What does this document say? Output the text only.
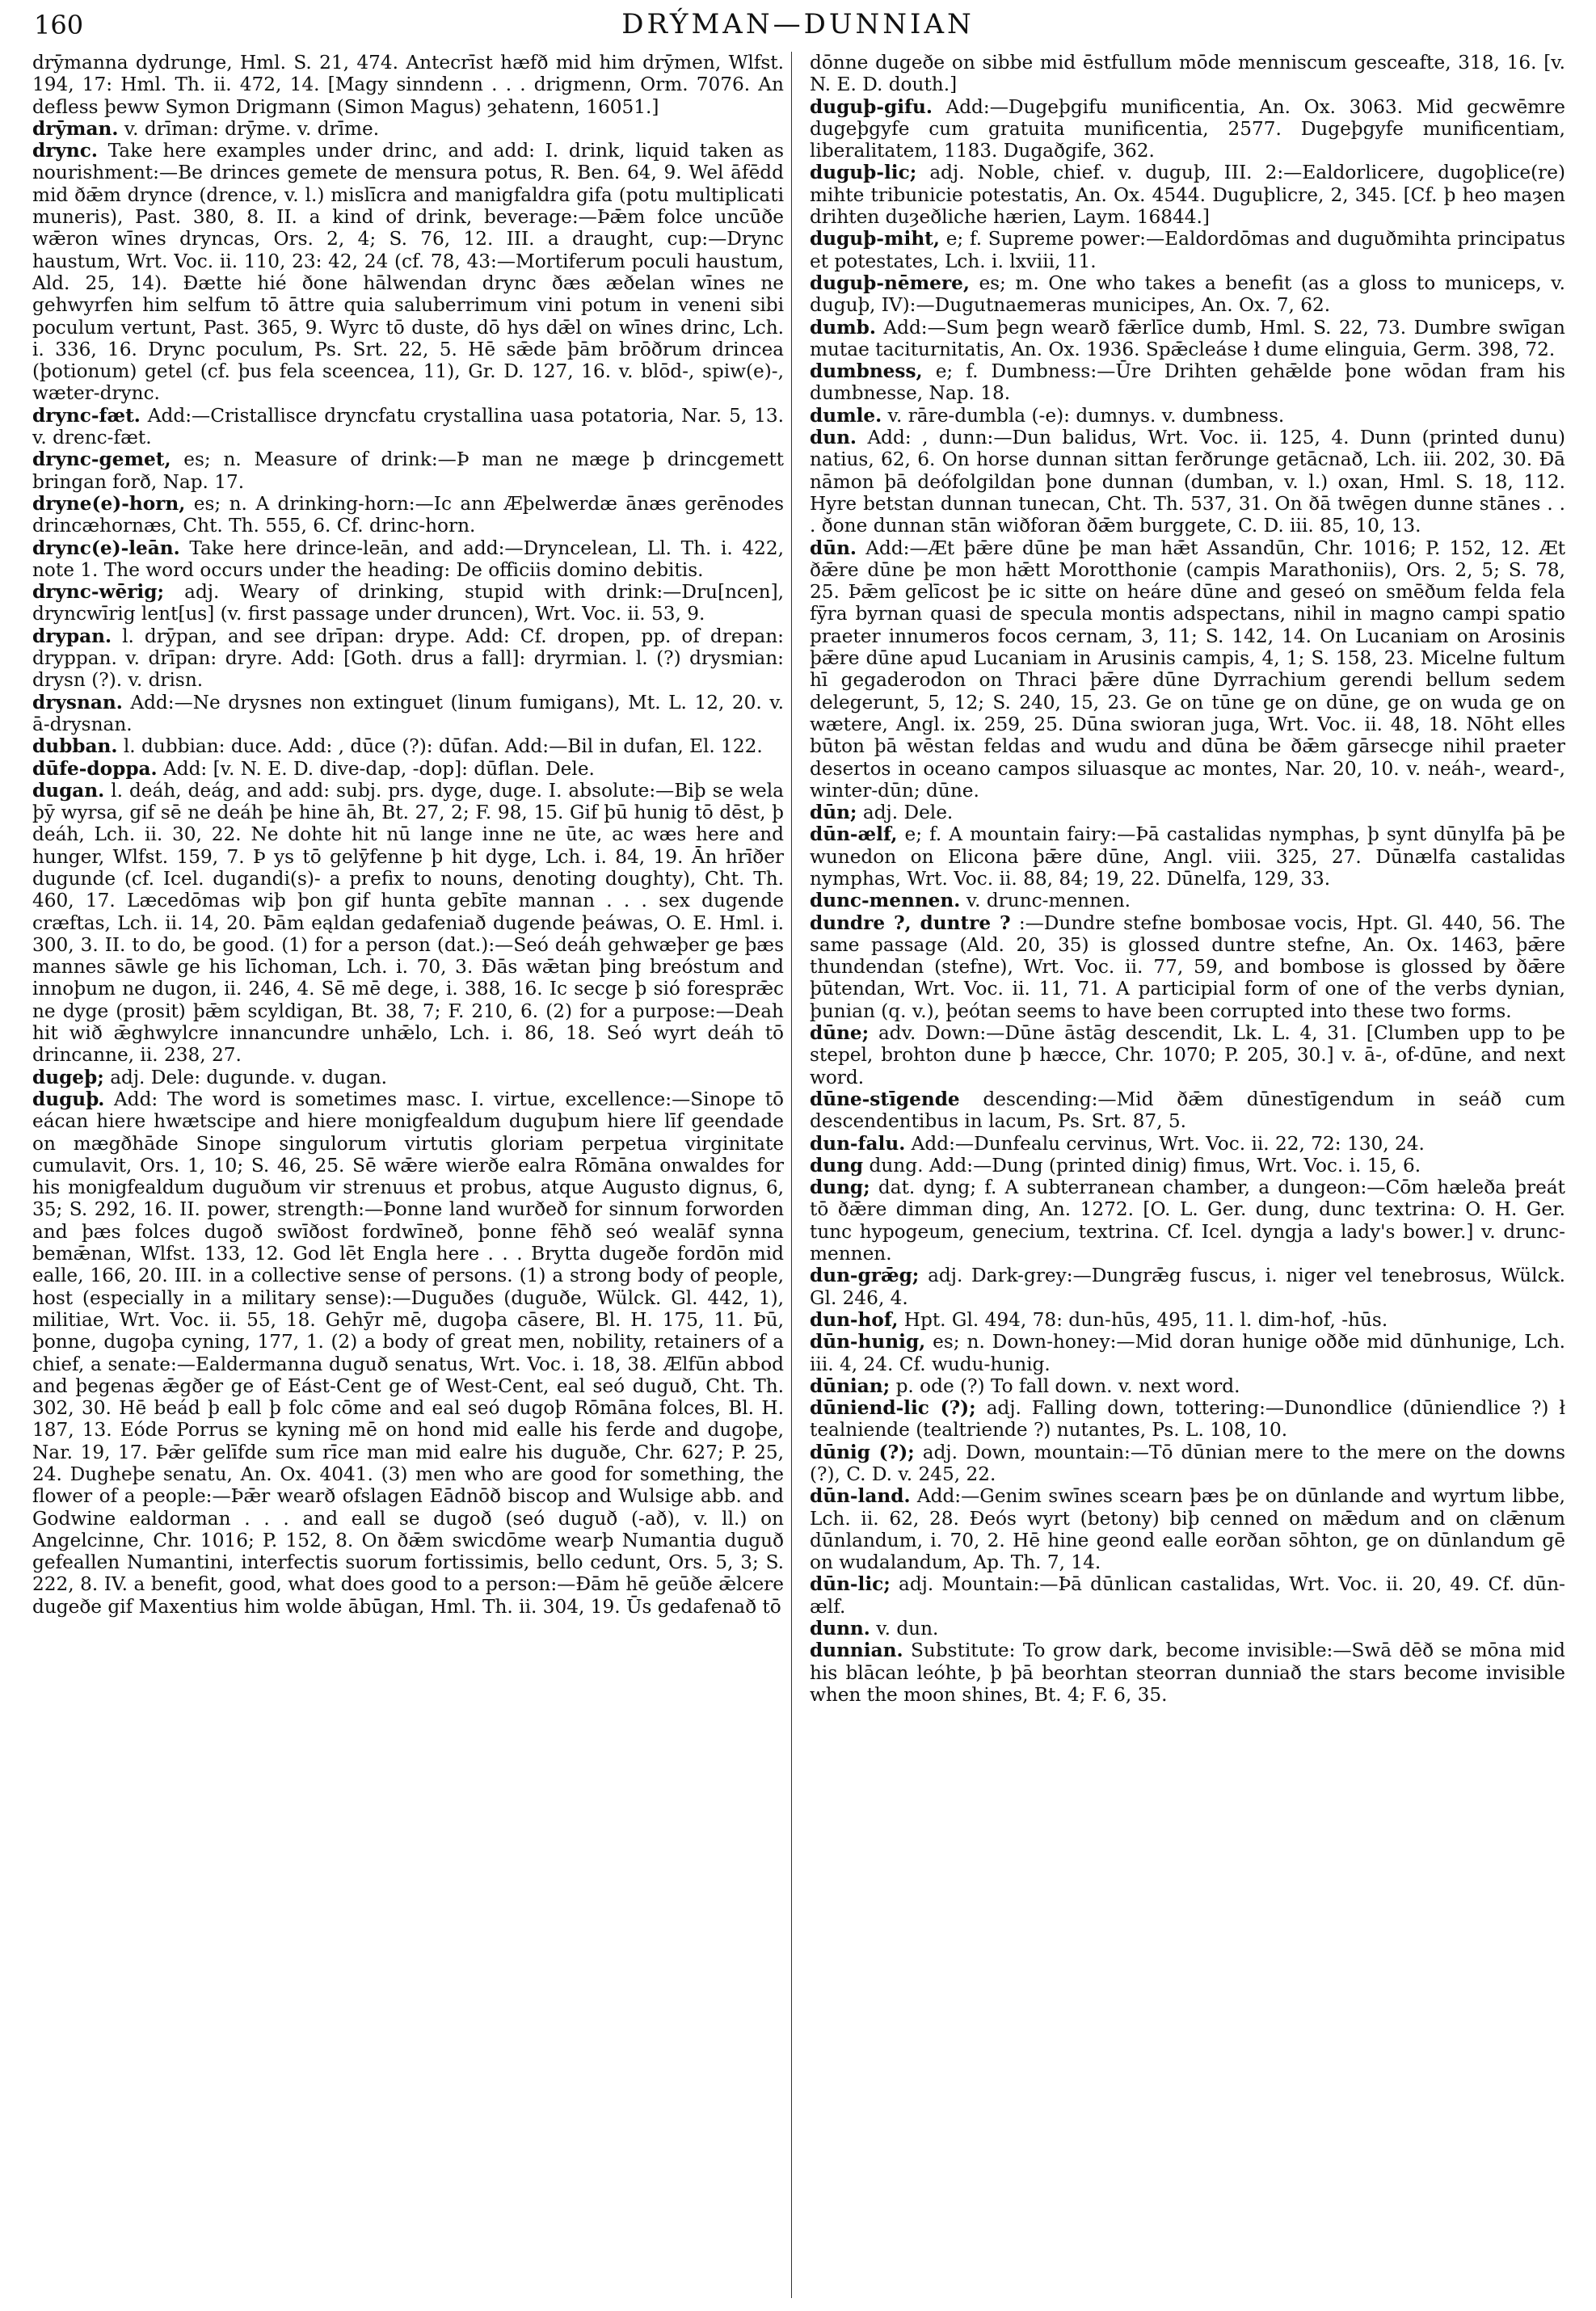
160	DRÝMAN—DUNNIAN

drȳmanna dydrunge, Hml. S. 21, 474. Antecrīst hæfð mid him drȳmen, Wlfst. 194, 17: Hml. Th. ii. 472, 14. [Magy sinndenn . . . drigmenn, Orm. 7076. An defless þeww Symon Drigmann (Simon Magus) ȝehatenn, 16051.]

drȳman. v. drīman: drȳme. v. drīme.

drync. Take here examples under drinc, and add: I. drink, liquid taken as nourishment:—Be drinces gemete de mensura potus, R. Ben. 64, 9. Wel āfēdd mid ðǣm drynce (drence, v. l.) mislīcra and manigfaldra gifa (potu multiplicati muneris), Past. 380, 8. II. a kind of drink, beverage:—Þǣm folce uncūðe wǣron wīnes dryncas, Ors. 2, 4; S. 76, 12. III. a draught, cup:—Drync haustum, Wrt. Voc. ii. 110, 23: 42, 24 (cf. 78, 43:—Mortiferum poculi haustum, Ald. 25, 14). Ðætte hié ðone hālwendan drync ðæs æðelan wīnes ne gehwyrfen him selfum tō āttre quia saluberrimum vini potum in veneni sibi poculum vertunt, Past. 365, 9. Wyrc tō duste, dō hys dǣl on wīnes drinc, Lch. i. 336, 16. Drync poculum, Ps. Srt. 22, 5. Hē sǣde þām brōðrum drincea (þotionum) getel (cf. þus fela sceencea, 11), Gr. D. 127, 16. v. blōd-, spiw(e)-, wæter-drync.

drync-fæt. Add:—Cristallisce dryncfatu crystallina uasa potatoria, Nar. 5, 13. v. drenc-fæt.

drync-gemet, es; n. Measure of drink:—Þ man ne mæge þ drincgemett bringan forð, Nap. 17.

dryne(e)-horn, es; n. A drinking-horn:—Ic ann Æþelwerdæ ānæs gerēnodes drincæhornæs, Cht. Th. 555, 6. Cf. drinc-horn.

drync(e)-leān. Take here drince-leān, and add:—Dryncelean, Ll. Th. i. 422, note 1. The word occurs under the heading: De officiis domino debitis.

drync-wērig; adj. Weary of drinking, stupid with drink:—Dru[ncen], dryncwīrig lent[us] (v. first passage under druncen), Wrt. Voc. ii. 53, 9.

drypan. l. drȳpan, and see drīpan: drype. Add: Cf. dropen, pp. of drepan: dryppan. v. drīpan: dryre. Add: [Goth. drus a fall]: dryrmian. l. (?) drysmian: drysn (?). v. drisn.

drysnan. Add:—Ne drysnes non extinguet (linum fumigans), Mt. L. 12, 20. v. ā-drysnan.

dubban. l. dubbian: duce. Add: , dūce (?): dūfan. Add:—Bil in dufan, El. 122.

dūfe-doppa. Add: [v. N. E. D. dive-dap, -dop]: dūflan. Dele.

dugan. l. deáh, deág, and add: subj. prs. dyge, duge. I. absolute:—Biþ se wela þȳ wyrsa, gif sē ne deáh þe hine āh, Bt. 27, 2; F. 98, 15. Gif þū hunig tō dēst, þ deáh, Lch. ii. 30, 22. Ne dohte hit nū lange inne ne ūte, ac wæs here and hunger, Wlfst. 159, 7. Þ ys tō gelȳfenne þ hit dyge, Lch. i. 84, 19. Ān hrīðer dugunde (cf. Icel. dugandi(s)- a prefix to nouns, denoting doughty), Cht. Th. 460, 17. Læcedōmas wiþ þon gif hunta gebīte mannan . . . sex dugende cræftas, Lch. ii. 14, 20. Þām eąldan gedafeniað dugende þeáwas, O. E. Hml. i. 300, 3. II. to do, be good. (1) for a person (dat.):—Seó deáh gehwæþer ge þæs mannes sāwle ge his līchoman, Lch. i. 70, 3. Ðās wǣtan þing breóstum and innoþum ne dugon, ii. 246, 4. Sē mē dege, i. 388, 16. Ic secge þ sió foresprǣc ne dyge (prosit) þǣm scyldigan, Bt. 38, 7; F. 210, 6. (2) for a purpose:—Deah hit wið ǣghwylcre innancundre unhǣlo, Lch. i. 86, 18. Seó wyrt deáh tō drincanne, ii. 238, 27.

dugeþ; adj. Dele: dugunde. v. dugan.

duguþ. Add: The word is sometimes masc. I. virtue, excellence:—Sinope tō eácan hiere hwætscipe and hiere monigfealdum duguþum hiere līf geendade on mægðhāde Sinope singulorum virtutis gloriam perpetua virginitate cumulavit, Ors. 1, 10; S. 46, 25. Sē wǣre wierðe ealra Rōmāna onwaldes for his monigfealdum duguðum vir strenuus et probus, atque Augusto dignus, 6, 35; S. 292, 16. II. power, strength:—Þonne land wurðeð for sinnum forworden and þæs folces dugoð swīðost fordwīneð, þonne fēhð seó wealāf synna bemǣnan, Wlfst. 133, 12. God lēt Engla here . . . Brytta dugeðe fordōn mid ealle, 166, 20. III. in a collective sense of persons. (1) a strong body of people, host (especially in a military sense):—Duguðes (duguðe, Wülck. Gl. 442, 1), militiae, Wrt. Voc. ii. 55, 18. Gehȳr mē, dugoþa cāsere, Bl. H. 175, 11. Þū, þonne, dugoþa cyning, 177, 1. (2) a body of great men, nobility, retainers of a chief, a senate:—Ealdermanna duguð senatus, Wrt. Voc. i. 18, 38. Ælfūn abbod and þegenas ǣgðer ge of Eást-Cent ge of West-Cent, eal seó duguð, Cht. Th. 302, 30. Hē beád þ eall þ folc cōme and eal seó dugoþ Rōmāna folces, Bl. H. 187, 13. Eóde Porrus se kyning mē on hond mid ealle his ferde and dugoþe, Nar. 19, 17. Þǣr gelīfde sum rīce man mid ealre his duguðe, Chr. 627; P. 25, 24. Dugheþe senatu, An. Ox. 4041. (3) men who are good for something, the flower of a people:—Þǣr wearð ofslagen Eādnōð biscop and Wulsige abb. and Godwine ealdorman . . . and eall se dugoð (seó duguð (-að), v. ll.) on Angelcinne, Chr. 1016; P. 152, 8. On ðǣm swicdōme wearþ Numantia duguð gefeallen Numantini, interfectis suorum fortissimis, bello cedunt, Ors. 5, 3; S. 222, 8. IV. a benefit, good, what does good to a person:—Ðām hē geūðe ǣlcere dugeðe gif Maxentius him wolde ābūgan, Hml. Th. ii. 304, 19. Ūs gedafenað tō

dōnne dugeðe on sibbe mid ēstfullum mōde menniscum gesceafte, 318, 16. [v. N. E. D. douth.]

duguþ-gifu. Add:—Dugeþgifu munificentia, An. Ox. 3063. Mid gecwēmre dugeþgyfe cum gratuita munificentia, 2577. Dugeþgyfe munificentiam, liberalitatem, 1183. Dugaðgife, 362.

duguþ-lic; adj. Noble, chief. v. duguþ, III. 2:—Ealdorlicere, dugoþlice(re) mihte tribunicie potestatis, An. Ox. 4544. Duguþlicre, 2, 345. [Cf. þ heo maȝen drihten duȝeðliche hærien, Laym. 16844.]

duguþ-miht, e; f. Supreme power:—Ealdordōmas and duguðmihta principatus et potestates, Lch. i. lxviii, 11.

duguþ-nēmere, es; m. One who takes a benefit (as a gloss to municeps, v. duguþ, IV):—Dugutnaemeras municipes, An. Ox. 7, 62.

dumb. Add:—Sum þegn wearð fǣrlīce dumb, Hml. S. 22, 73. Dumbre swīgan mutae taciturnitatis, An. Ox. 1936. Spǣcleáse ł dume elinguia, Germ. 398, 72.

dumbness, e; f. Dumbness:—Ūre Drihten gehǣlde þone wōdan fram his dumbnesse, Nap. 18.

dumle. v. rāre-dumbla (-e): dumnys. v. dumbness.

dun. Add: , dunn:—Dun balidus, Wrt. Voc. ii. 125, 4. Dunn (printed dunu) natius, 62, 6. On horse dunnan sittan ferðrunge getācnað, Lch. iii. 202, 30. Ðā nāmon þā deófolgildan þone dunnan (dumban, v. l.) oxan, Hml. S. 18, 112. Hyre betstan dunnan tunecan, Cht. Th. 537, 31. On ðā twēgen dunne stānes . . . ðone dunnan stān wiðforan ðǣm burggete, C. D. iii. 85, 10, 13.

dūn. Add:—Æt þǣre dūne þe man hǣt Assandūn, Chr. 1016; P. 152, 12. Æt ðǣre dūne þe mon hǣtt Morotthonie (campis Marathoniis), Ors. 2, 5; S. 78, 25. Þǣm gelīcost þe ic sitte on heáre dūne and geseó on smēðum felda fela fȳra byrnan quasi de specula montis adspectans, nihil in magno campi spatio praeter innumeros focos cernam, 3, 11; S. 142, 14. On Lucaniam on Arosinis þǣre dūne apud Lucaniam in Arusinis campis, 4, 1; S. 158, 23. Micelne fultum hī gegaderodon on Thraci þǣre dūne Dyrrachium gerendi bellum sedem delegerunt, 5, 12; S. 240, 15, 23. Ge on tūne ge on dūne, ge on wuda ge on wætere, Angl. ix. 259, 25. Dūna swioran juga, Wrt. Voc. ii. 48, 18. Nōht elles būton þā wēstan feldas and wudu and dūna be ðǣm gārsecge nihil praeter desertos in oceano campos siluasque ac montes, Nar. 20, 10. v. neáh-, weard-, winter-dūn; dūne.

dūn; adj. Dele.

dūn-ælf, e; f. A mountain fairy:—Þā castalidas nymphas, þ synt dūnylfa þā þe wunedon on Eliconа þǣre dūne, Angl. viii. 325, 27. Dūnælfa castalidas nymphas, Wrt. Voc. ii. 88, 84; 19, 22. Dūnelfa, 129, 33.

dunc-mennen. v. drunc-mennen.

dundre ?, duntre ? :—Dundre stefne bombosae vocis, Hpt. Gl. 440, 56. The same passage (Ald. 20, 35) is glossed duntre stefne, An. Ox. 1463, þǣre thundendan (stefne), Wrt. Voc. ii. 77, 59, and bombose is glossed by ðǣre þūtendan, Wrt. Voc. ii. 11, 71. A participial form of one of the verbs dynian, þunian (q. v.), þeótan seems to have been corrupted into these two forms.

dūne; adv. Down:—Dūne āstāg descendit, Lk. L. 4, 31. [Clumben upp to þe stepel, brohton dune þ hæcce, Chr. 1070; P. 205, 30.] v. ā-, of-dūne, and next word.

dūne-stīgende descending:—Mid ðǣm dūnestīgendum in seáð cum descendentibus in lacum, Ps. Srt. 87, 5.

dun-falu. Add:—Dunfealu cervinus, Wrt. Voc. ii. 22, 72: 130, 24.

dung dung. Add:—Dung (printed dinig) fimus, Wrt. Voc. i. 15, 6.

dung; dat. dyng; f. A subterranean chamber, a dungeon:—Cōm hæleða þreát tō ðǣre dimman ding, An. 1272. [O. L. Ger. dung, dunc textrina: O. H. Ger. tunc hypogeum, genecium, textrina. Cf. Icel. dyngja a lady's bower.] v. drunc-mennen.

dun-grǣg; adj. Dark-grey:—Dungrǣg fuscus, i. niger vel tenebrosus, Wülck. Gl. 246, 4.

dun-hof, Hpt. Gl. 494, 78: dun-hūs, 495, 11. l. dim-hof, -hūs.

dūn-hunig, es; n. Down-honey:—Mid doran hunige oððe mid dūnhunige, Lch. iii. 4, 24. Cf. wudu-hunig.

dūnian; p. ode (?) To fall down. v. next word.

dūniend-lic (?); adj. Falling down, tottering:—Dunondlice (dūniendlice ?) ł tealniende (tealtriende ?) nutantes, Ps. L. 108, 10.

dūnig (?); adj. Down, mountain:—Tō dūnian mere to the mere on the downs (?), C. D. v. 245, 22.

dūn-land. Add:—Genim swīnes scearn þæs þe on dūnlande and wyrtum libbe, Lch. ii. 62, 28. Ðeós wyrt (betony) biþ cenned on mǣdum and on clǣnum dūnlandum, i. 70, 2. Hē hine geond ealle eorðan sōhton, ge on dūnlandum gē on wudalandum, Ap. Th. 7, 14.

dūn-lic; adj. Mountain:—Þā dūnlican castalidas, Wrt. Voc. ii. 20, 49. Cf. dūn-ælf.

dunn. v. dun.

dunnian. Substitute: To grow dark, become invisible:—Swā dēð se mōna mid his blācan leóhte, þ þā beorhtan steorran dunniað the stars become invisible when the moon shines, Bt. 4; F. 6, 35.
